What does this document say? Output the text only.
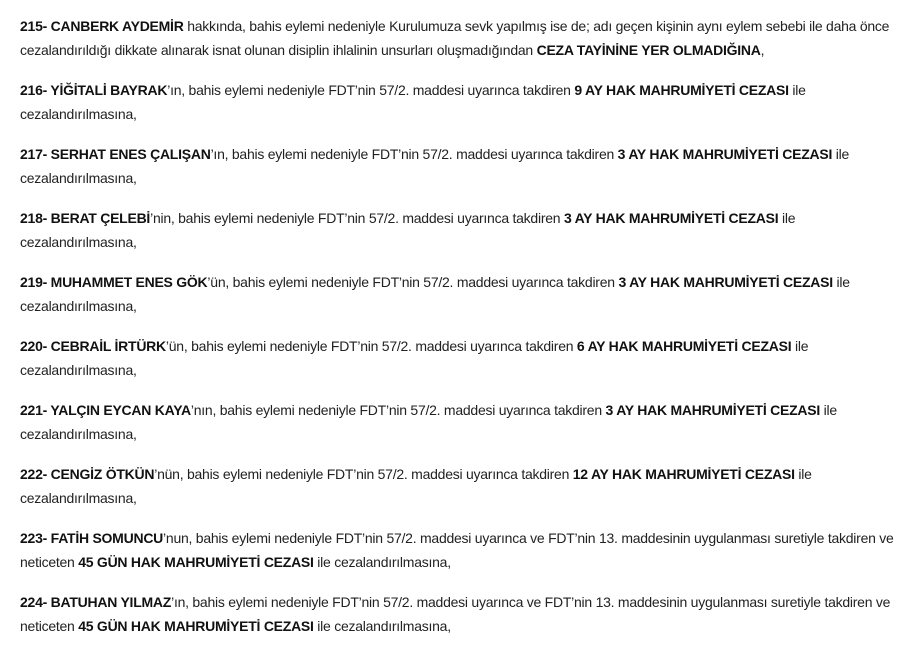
215- CANBERK AYDEMİR hakkında, bahis eylemi nedeniyle Kurulumuza sevk yapılmış ise de; adı geçen kişinin aynı eylem sebebi ile daha önce cezalandırıldığı dikkate alınarak isnat olunan disiplin ihlalinin unsurları oluşmadığından CEZA TAYİNİNE YER OLMADIĞINA,

216- YİĞİTALİ BAYRAK’ın, bahis eylemi nedeniyle FDT’nin 57/2. maddesi uyarınca takdiren 9 AY HAK MAHRUMİYETİ CEZASI ile cezalandırılmasına,

217- SERHAT ENES ÇALIŞAN’ın, bahis eylemi nedeniyle FDT’nin 57/2. maddesi uyarınca takdiren 3 AY HAK MAHRUMİYETİ CEZASI ile cezalandırılmasına,

218- BERAT ÇELEBİ’nin, bahis eylemi nedeniyle FDT’nin 57/2. maddesi uyarınca takdiren 3 AY HAK MAHRUMİYETİ CEZASI ile cezalandırılmasına,

219- MUHAMMET ENES GÖK’ün, bahis eylemi nedeniyle FDT’nin 57/2. maddesi uyarınca takdiren 3 AY HAK MAHRUMİYETİ CEZASI ile cezalandırılmasına,

220- CEBRAİL İRTÜRK’ün, bahis eylemi nedeniyle FDT’nin 57/2. maddesi uyarınca takdiren 6 AY HAK MAHRUMİYETİ CEZASI ile cezalandırılmasına,

221- YALÇIN EYCAN KAYA’nın, bahis eylemi nedeniyle FDT’nin 57/2. maddesi uyarınca takdiren 3 AY HAK MAHRUMİYETİ CEZASI ile cezalandırılmasına,

222- CENGİZ ÖTKÜN’nün, bahis eylemi nedeniyle FDT’nin 57/2. maddesi uyarınca takdiren 12 AY HAK MAHRUMİYETİ CEZASI ile cezalandırılmasına,

223- FATİH SOMUNCU’nun, bahis eylemi nedeniyle FDT’nin 57/2. maddesi uyarınca ve FDT’nin 13. maddesinin uygulanması suretiyle takdiren ve neticeten 45 GÜN HAK MAHRUMİYETİ CEZASI ile cezalandırılmasına,

224- BATUHAN YILMAZ’ın, bahis eylemi nedeniyle FDT’nin 57/2. maddesi uyarınca ve FDT’nin 13. maddesinin uygulanması suretiyle takdiren ve neticeten 45 GÜN HAK MAHRUMİYETİ CEZASI ile cezalandırılmasına,
